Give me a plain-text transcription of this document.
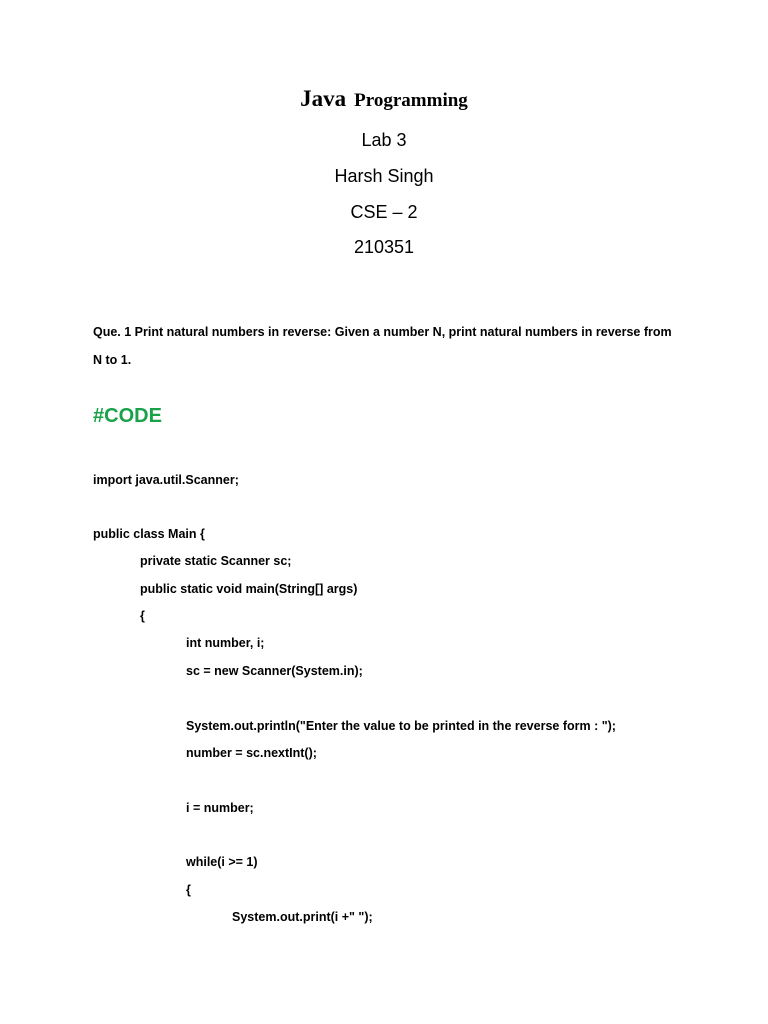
Java Programming
Lab 3
Harsh Singh
CSE – 2
210351
Que. 1 Print natural numbers in reverse: Given a number N, print natural numbers in reverse from N to 1.
#CODE
import java.util.Scanner;
public class Main {
private static Scanner sc;
public static void main(String[] args)
{
int number, i;
sc = new Scanner(System.in);
System.out.println("Enter the value to be printed in the reverse form : ");
number = sc.nextInt();
i = number;
while(i >= 1)
{
System.out.print(i +" ");
